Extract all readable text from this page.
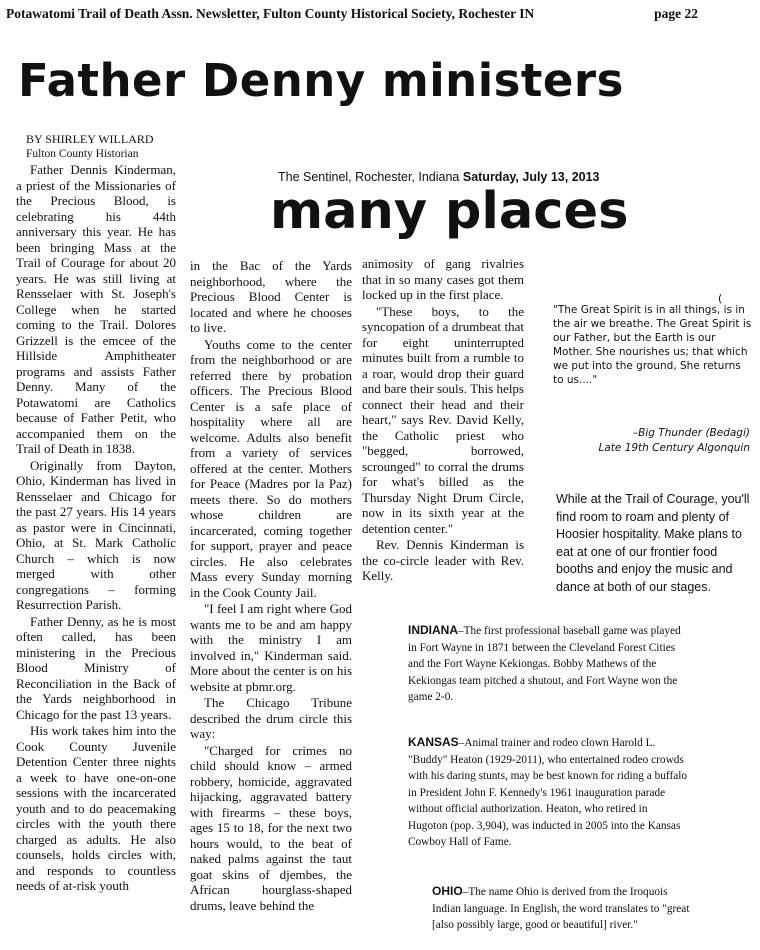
Potawatomi Trail of Death Assn. Newsletter, Fulton County Historical Society, Rochester IN	page 22
Father Denny ministers
many places
BY SHIRLEY WILLARD
Fulton County Historian
The Sentinel, Rochester, Indiana Saturday, July 13, 2013

Father Dennis Kinderman, a priest of the Missionaries of the Precious Blood, is celebrating his 44th anniversary this year. He has been bringing Mass at the Trail of Courage for about 20 years. He was still living at Rensselaer with St. Joseph's College when he started coming to the Trail. Dolores Grizzell is the emcee of the Hillside Amphitheater programs and assists Father Denny. Many of the Potawatomi are Catholics because of Father Petit, who accompanied them on the Trail of Death in 1838.

Originally from Dayton, Ohio, Kinderman has lived in Rensselaer and Chicago for the past 27 years. His 14 years as pastor were in Cincinnati, Ohio, at St. Mark Catholic Church – which is now merged with other congregations – forming Resurrection Parish.

Father Denny, as he is most often called, has been ministering in the Precious Blood Ministry of Reconciliation in the Back of the Yards neighborhood in Chicago for the past 13 years.

His work takes him into the Cook County Juvenile Detention Center three nights a week to have one-on-one sessions with the incarcerated youth and to do peacemaking circles with the youth there charged as adults. He also counsels, holds circles with, and responds to countless needs of at-risk youth

in the Bac of the Yards neighborhood, where the Precious Blood Center is located and where he chooses to live.

Youths come to the center from the neighborhood or are referred there by probation officers. The Precious Blood Center is a safe place of hospitality where all are welcome. Adults also benefit from a variety of services offered at the center. Mothers for Peace (Madres por la Paz) meets there. So do mothers whose children are incarcerated, coming together for support, prayer and peace circles. He also celebrates Mass every Sunday morning in the Cook County Jail.

"I feel I am right where God wants me to be and am happy with the ministry I am involved in," Kinderman said. More about the center is on his website at pbmr.org.

The Chicago Tribune described the drum circle this way:

"Charged for crimes no child should know – armed robbery, homicide, aggravated hijacking, aggravated battery with firearms – these boys, ages 15 to 18, for the next two hours would, to the beat of naked palms against the taut goat skins of djembes, the African hourglass-shaped drums, leave behind the

animosity of gang rivalries that in so many cases got them locked up in the first place.

"These boys, to the syncopation of a drumbeat that for eight uninterrupted minutes built from a rumble to a roar, would drop their guard and bare their souls. This helps connect their head and their heart," says Rev. David Kelly, the Catholic priest who "begged, borrowed, scrounged" to corral the drums for what's billed as the Thursday Night Drum Circle, now in its sixth year at the detention center."

Rev. Dennis Kinderman is the co-circle leader with Rev. Kelly.

(
"The Great Spirit is in all things, is in the air we breathe. The Great Spirit is our Father, but the Earth is our Mother. She nourishes us; that which we put into the ground, She returns to us...."
–Big Thunder (Bedagi)
Late 19th Century Algonquin
While at the Trail of Courage, you'll find room to roam and plenty of Hoosier hospitality. Make plans to eat at one of our frontier food booths and enjoy the music and dance at both of our stages.
INDIANA–The first professional baseball game was played in Fort Wayne in 1871 between the Cleveland Forest Cities and the Fort Wayne Kekiongas. Bobby Mathews of the Kekiongas team pitched a shutout, and Fort Wayne won the game 2-0.
KANSAS–Animal trainer and rodeo clown Harold L. "Buddy" Heaton (1929-2011), who entertained rodeo crowds with his daring stunts, may be best known for riding a buffalo in President John F. Kennedy's 1961 inauguration parade without official authorization. Heaton, who retired in Hugoton (pop. 3,904), was inducted in 2005 into the Kansas Cowboy Hall of Fame.
OHIO–The name Ohio is derived from the Iroquois Indian language. In English, the word translates to "great [also possibly large, good or beautiful] river."
